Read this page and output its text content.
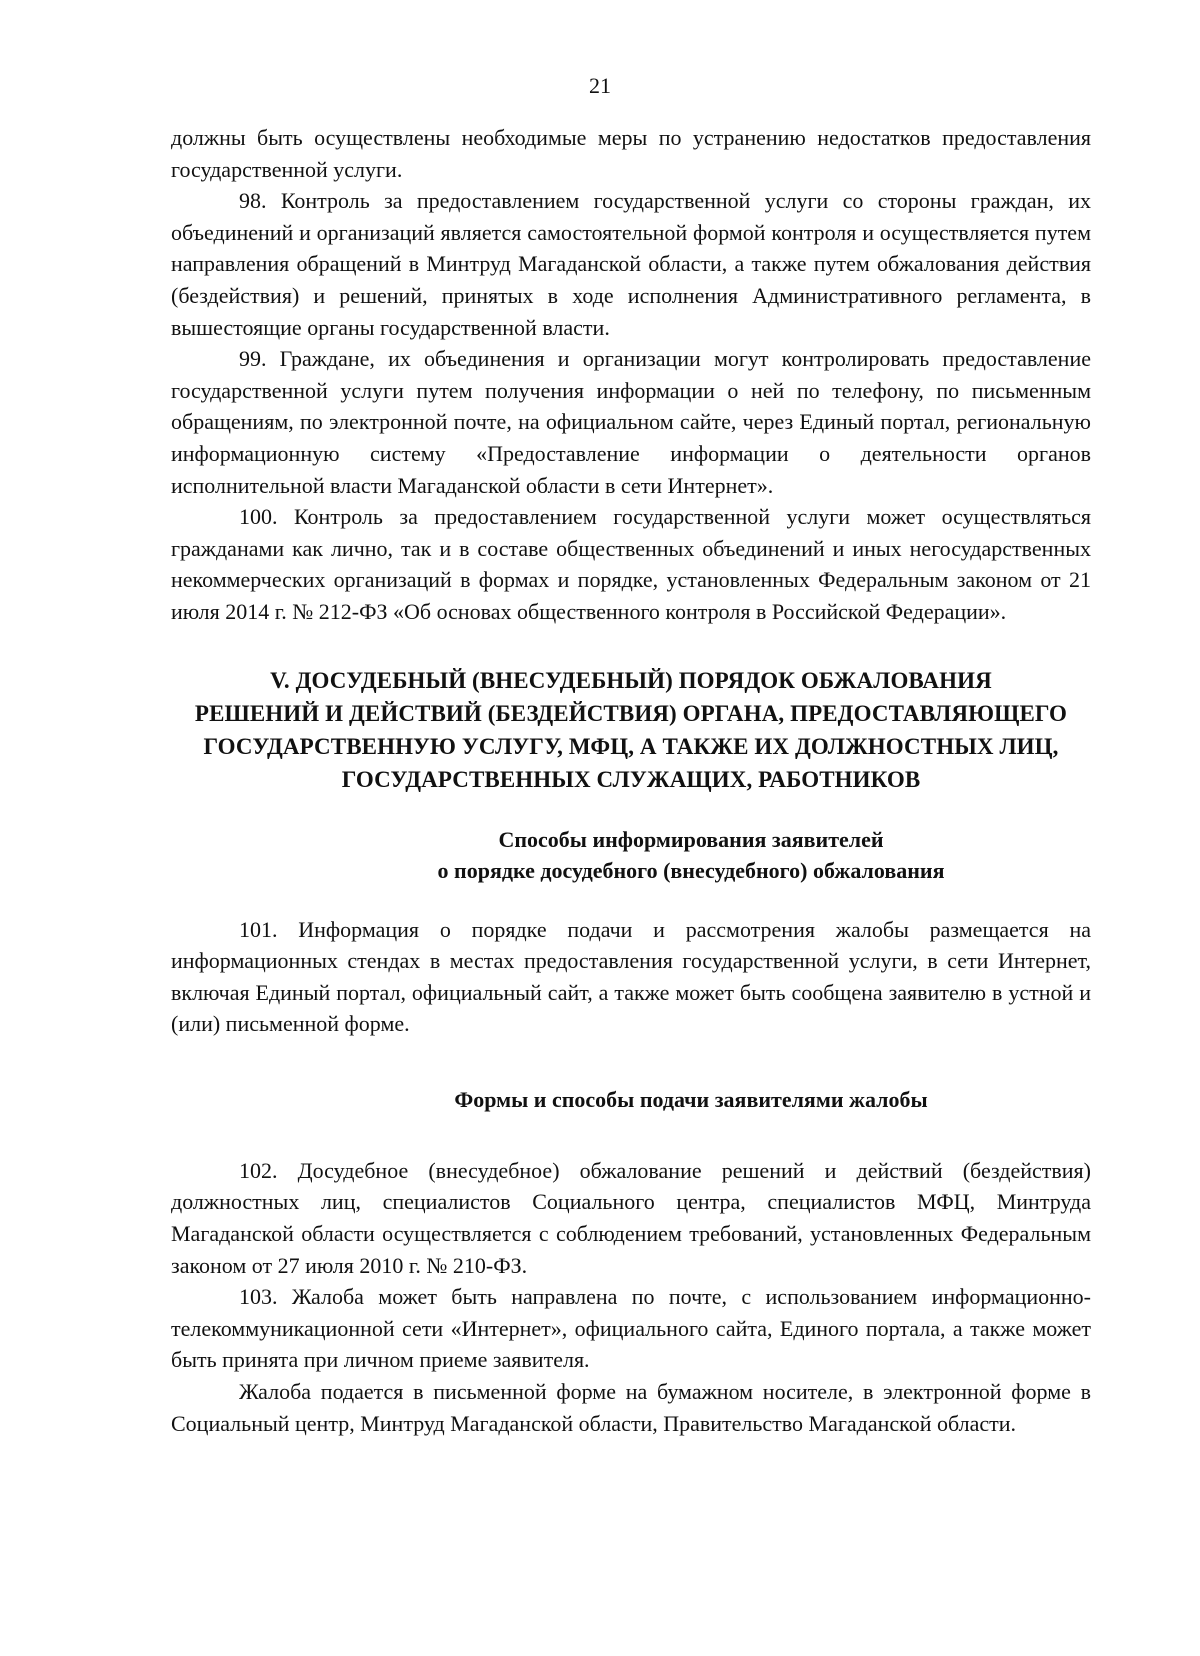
21

должны быть осуществлены необходимые меры по устранению недостатков предоставления государственной услуги.

98. Контроль за предоставлением государственной услуги со стороны граждан, их объединений и организаций является самостоятельной формой контроля и осуществляется путем направления обращений в Минтруд Магаданской области, а также путем обжалования действия (бездействия) и решений, принятых в ходе исполнения Административного регламента, в вышестоящие органы государственной власти.

99. Граждане, их объединения и организации могут контролировать предоставление государственной услуги путем получения информации о ней по телефону, по письменным обращениям, по электронной почте, на официальном сайте, через Единый портал, региональную информационную систему «Предоставление информации о деятельности органов исполнительной власти Магаданской области в сети Интернет».

100. Контроль за предоставлением государственной услуги может осуществляться гражданами как лично, так и в составе общественных объединений и иных негосударственных некоммерческих организаций в формах и порядке, установленных Федеральным законом от 21 июля 2014 г. № 212-ФЗ «Об основах общественного контроля в Российской Федерации».

V. ДОСУДЕБНЫЙ (ВНЕСУДЕБНЫЙ) ПОРЯДОК ОБЖАЛОВАНИЯ
РЕШЕНИЙ И ДЕЙСТВИЙ (БЕЗДЕЙСТВИЯ) ОРГАНА, ПРЕДОСТАВЛЯЮЩЕГО
ГОСУДАРСТВЕННУЮ УСЛУГУ, МФЦ, А ТАКЖЕ ИХ ДОЛЖНОСТНЫХ ЛИЦ,
ГОСУДАРСТВЕННЫХ СЛУЖАЩИХ, РАБОТНИКОВ
Способы информирования заявителей
о порядке досудебного (внесудебного) обжалования

101. Информация о порядке подачи и рассмотрения жалобы размещается на информационных стендах в местах предоставления государственной услуги, в сети Интернет, включая Единый портал, официальный сайт, а также может быть сообщена заявителю в устной и (или) письменной форме.

Формы и способы подачи заявителями жалобы

102. Досудебное (внесудебное) обжалование решений и действий (бездействия) должностных лиц, специалистов Социального центра, специалистов МФЦ, Минтруда Магаданской области осуществляется с соблюдением требований, установленных Федеральным законом от 27 июля 2010 г. № 210-ФЗ.

103. Жалоба может быть направлена по почте, с использованием информационно-телекоммуникационной сети «Интернет», официального сайта, Единого портала, а также может быть принята при личном приеме заявителя.

Жалоба подается в письменной форме на бумажном носителе, в электронной форме в Социальный центр, Минтруд Магаданской области, Правительство Магаданской области.
